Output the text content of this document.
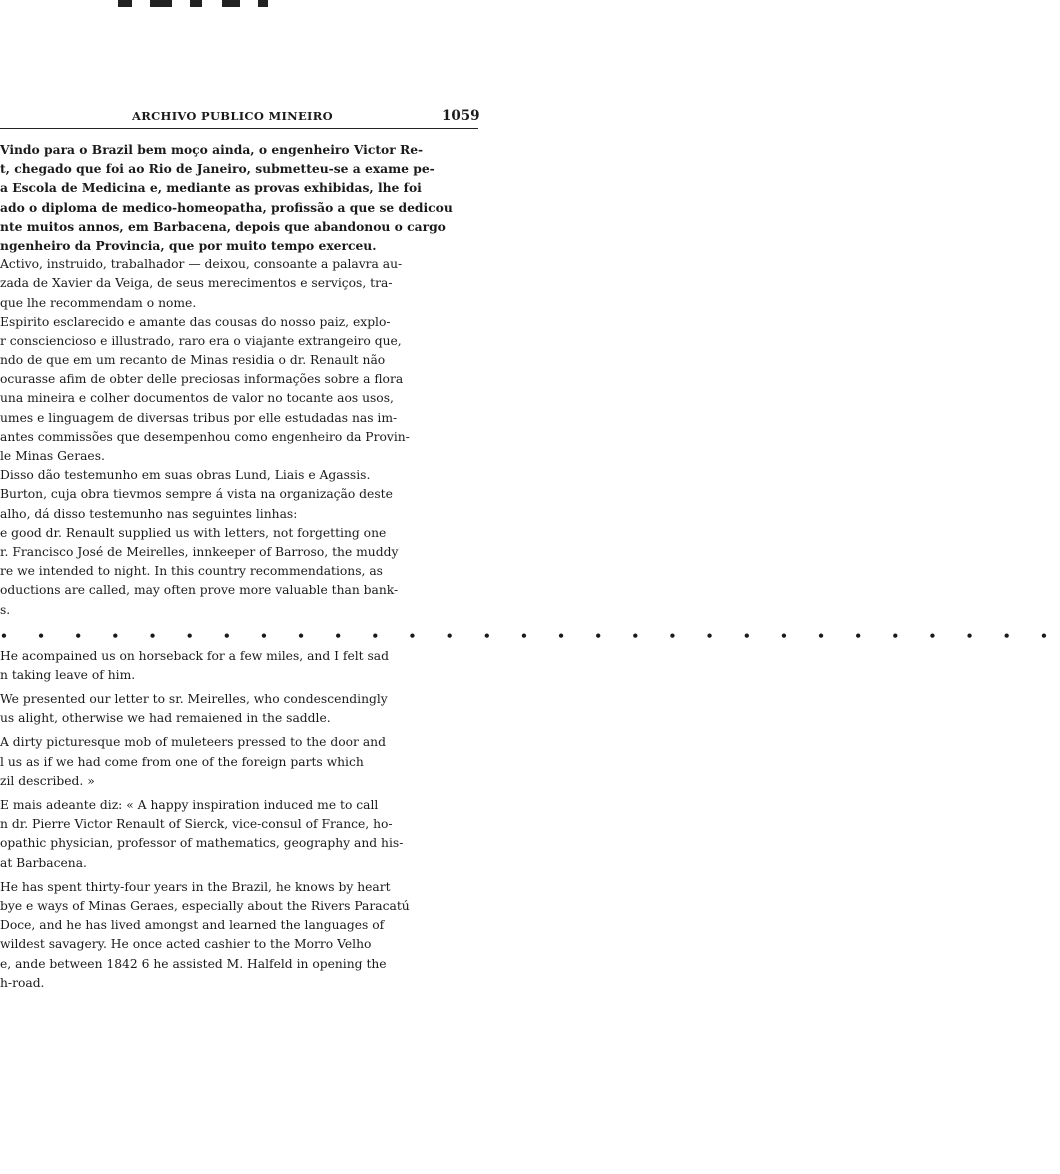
ARCHIVO PUBLICO MINEIRO	1059
Vindo para o Brazil bem moço ainda, o engenheiro Victor Re-
t, chegado que foi ao Rio de Janeiro, submetteu-se a exame pe-
a Escola de Medicina e, mediante as provas exhibidas, lhe foi
ado o diploma de medico-homeopatha, profissão a que se dedicou
nte muitos annos, em Barbacena, depois que abandonou o cargo
ngenheiro da Provincia, que por muito tempo exerceu.
Activo, instruido, trabalhador — deixou, consoante a palavra au-
zada de Xavier da Veiga, de seus merecimentos e serviços, tra-
que lhe recommendam o nome.
Espirito esclarecido e amante das cousas do nosso paiz, explo-
r consciencioso e illustrado, raro era o viajante extrangeiro que,
ndo de que em um recanto de Minas residia o dr. Renault não
ocurasse afim de obter delle preciosas informações sobre a flora
una mineira e colher documentos de valor no tocante aos usos,
umes e linguagem de diversas tribus por elle estudadas nas im-
antes commissões que desempenhou como engenheiro da Provin-
le Minas Geraes.
Disso dão testemunho em suas obras Lund, Liais e Agassis.
Burton, cuja obra tievmos sempre á vista na organização deste
alho, dá disso testemunho nas seguintes linhas:
e good dr. Renault supplied us with letters, not forgetting one
r. Francisco José de Meirelles, innkeeper of Barroso, the muddy
re we intended to night. In this country recommendations, as
oductions are called, may often prove more valuable than bank-
s.
• • • • • • • • • • • • • • • • • • • • • • • • • • • • •
He acompained us on horseback for a few miles, and I felt sad
n taking leave of him.
We presented our letter to sr. Meirelles, who condescendingly
us alight, otherwise we had remaiened in the saddle.
A dirty picturesque mob of muleteers pressed to the door and
l us as if we had come from one of the foreign parts which
zil described. »
E mais adeante diz: « A happy inspiration induced me to call
n dr. Pierre Victor Renault of Sierck, vice-consul of France, ho-
opathic physician, professor of mathematics, geography and his-
at Barbacena.
He has spent thirty-four years in the Brazil, he knows by heart
bye e ways of Minas Geraes, especially about the Rivers Paracatú
Doce, and he has lived amongst and learned the languages of
wildest savagery. He once acted cashier to the Morro Velho
e, ande between 1842 6 he assisted M. Halfeld in opening the
h-road.
